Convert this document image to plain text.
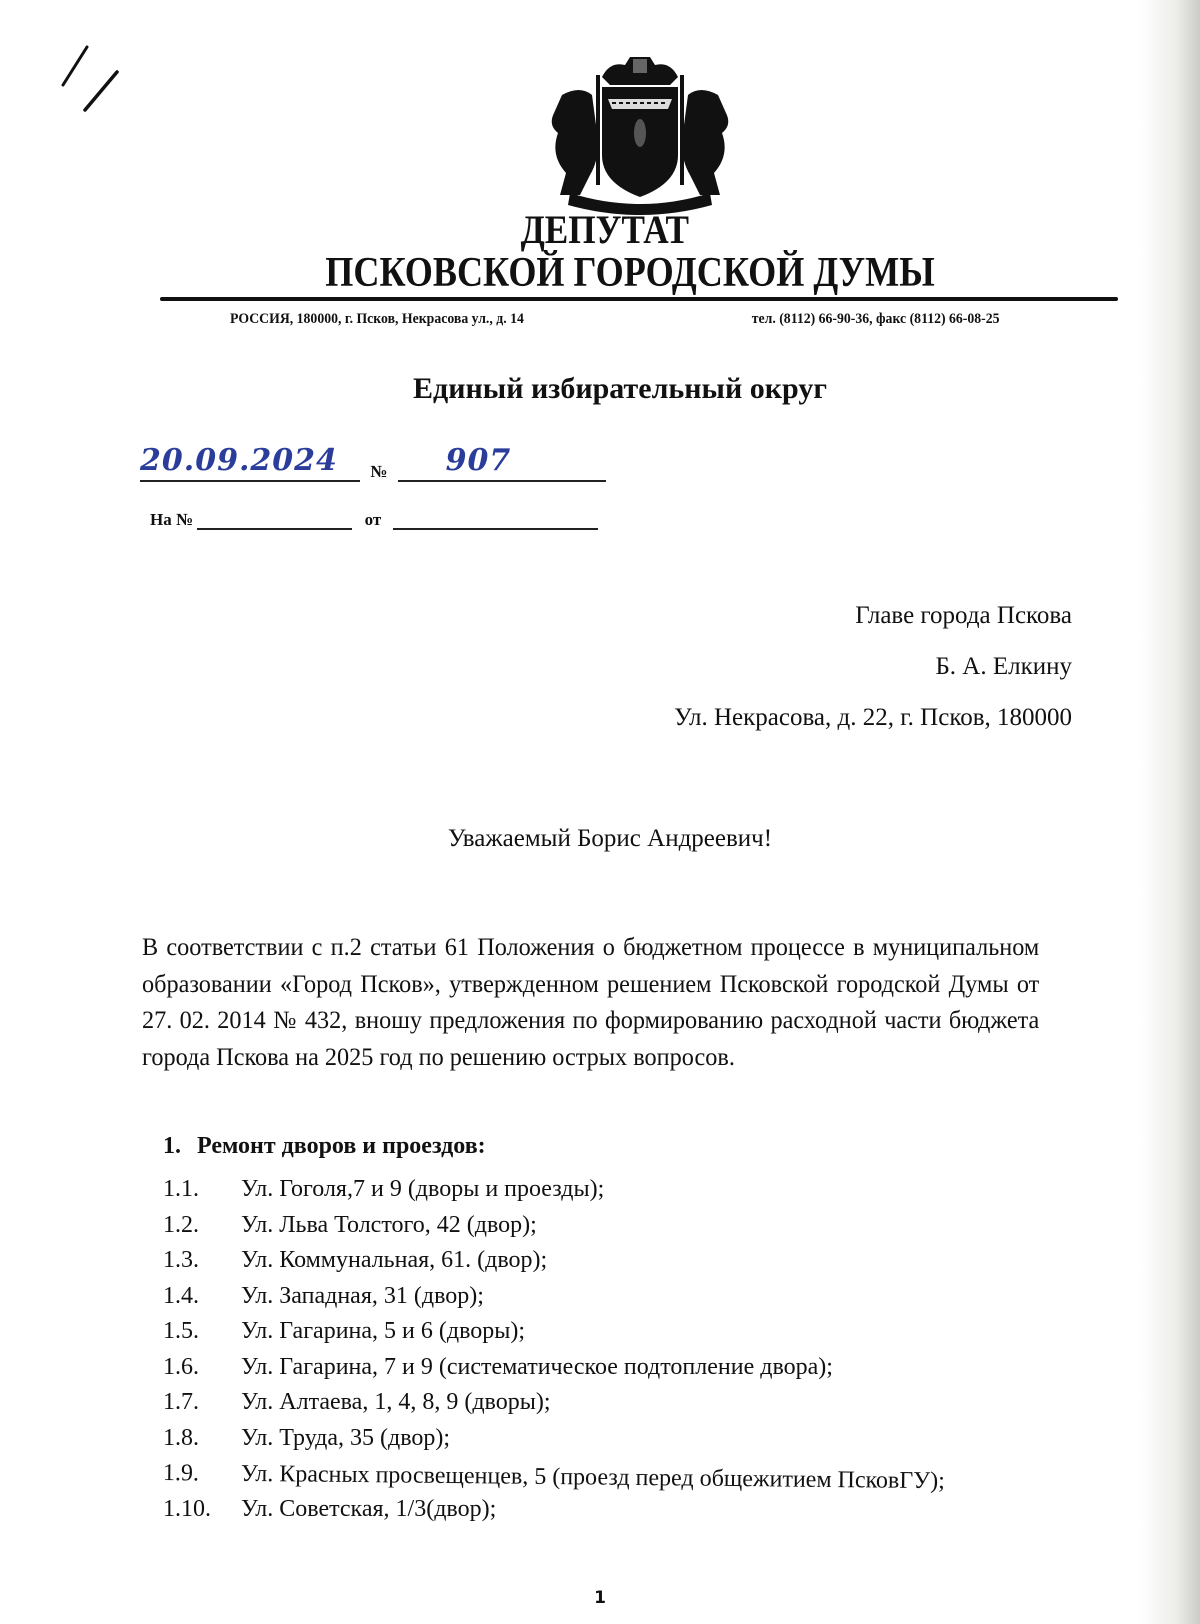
ДЕПУТАТ
ПСКОВСКОЙ ГОРОДСКОЙ ДУМЫ
РОССИЯ, 180000, г. Псков, Некрасова ул., д. 14	тел. (8112) 66-90-36, факс (8112) 66-08-25
Единый избирательный округ
20.09.2024 № 907
На №	от
Главе города Пскова
Б. А. Елкину
Ул. Некрасова, д. 22, г. Псков, 180000
Уважаемый Борис Андреевич!
В соответствии с п.2 статьи 61 Положения о бюджетном процессе в муниципальном образовании «Город Псков», утвержденном решением Псковской городской Думы от 27. 02. 2014 № 432, вношу предложения по формированию расходной части бюджета города Пскова на 2025 год по решению острых вопросов.
1. Ремонт дворов и проездов:
1.1. Ул. Гоголя,7 и 9 (дворы и проезды);
1.2. Ул. Льва Толстого, 42 (двор);
1.3. Ул. Коммунальная, 61. (двор);
1.4. Ул. Западная, 31 (двор);
1.5. Ул. Гагарина, 5 и 6 (дворы);
1.6. Ул. Гагарина, 7 и 9 (систематическое подтопление двора);
1.7. Ул. Алтаева, 1, 4, 8, 9 (дворы);
1.8. Ул. Труда, 35 (двор);
1.9. Ул. Красных просвещенцев, 5 (проезд перед общежитием ПсковГУ);
1.10. Ул. Советская, 1/3(двор);
1
